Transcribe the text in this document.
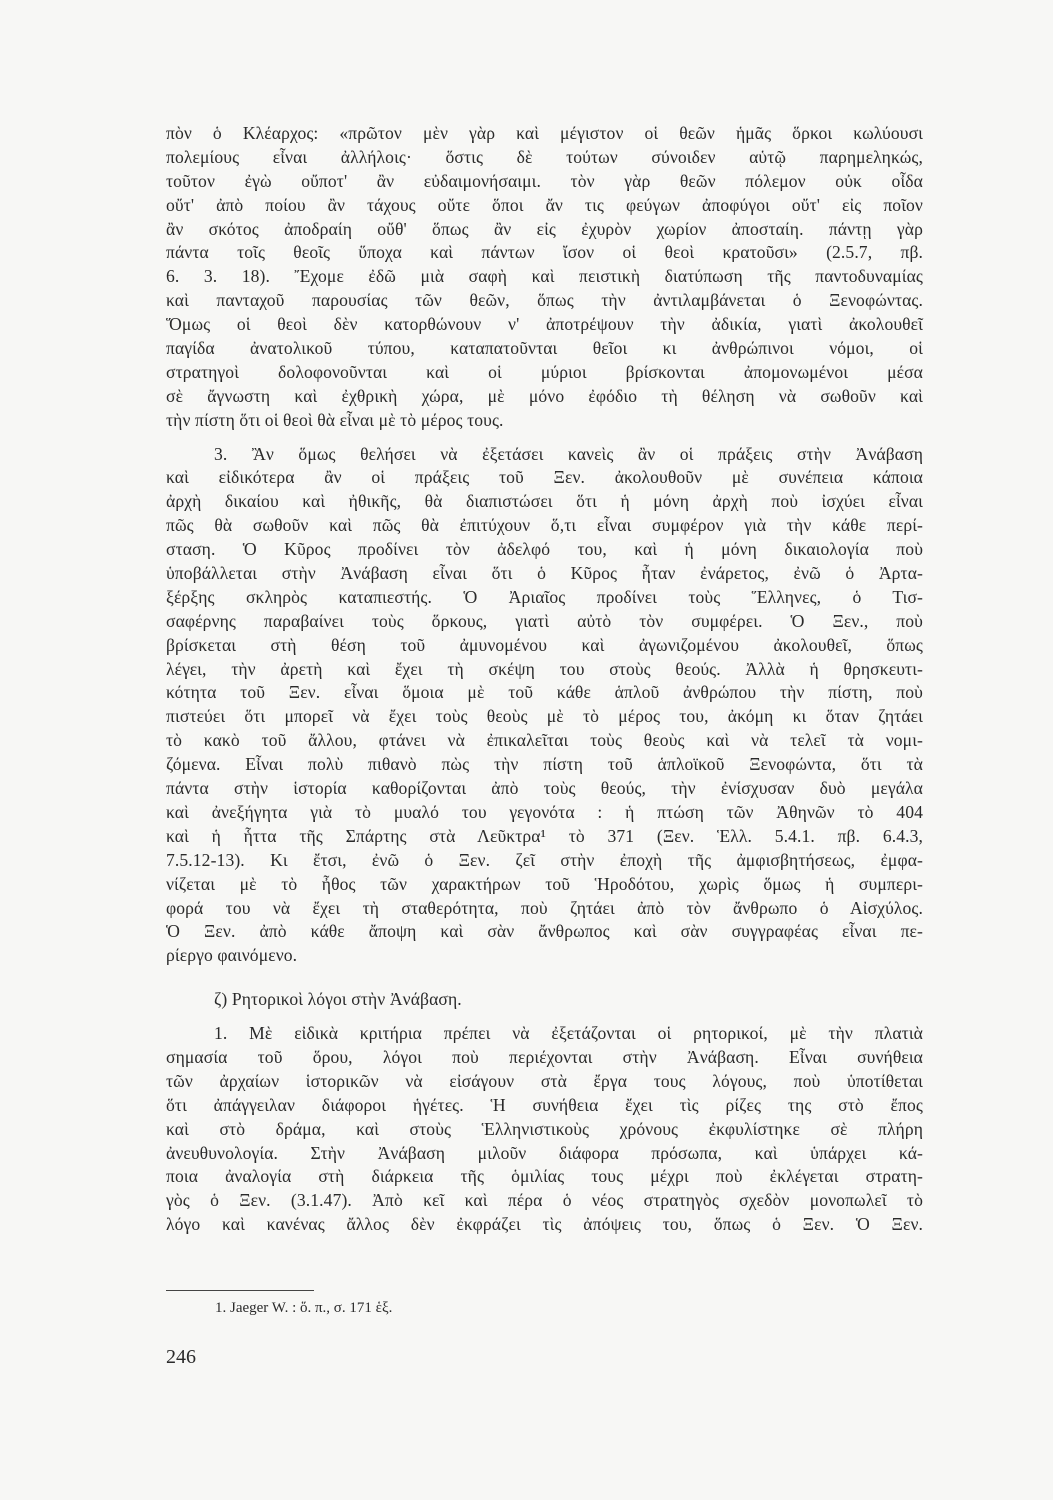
πὸν ὁ Κλέαρχος: «πρῶτον μὲν γὰρ καὶ μέγιστον οἱ θεῶν ἡμᾶς ὅρκοι κωλύουσι
πολεμίους εἶναι ἀλλήλοις· ὅστις δὲ τούτων σύνοιδεν αὑτῷ παρημεληκώς,
τοῦτον ἐγὼ οὔποτ' ἂν εὐδαιμονήσαιμι. τὸν γὰρ θεῶν πόλεμον οὐκ οἶδα
οὔτ' ἀπὸ ποίου ἂν τάχους οὔτε ὅποι ἄν τις φεύγων ἀποφύγοι οὔτ' εἰς ποῖον
ἂν σκότος ἀποδραίη οὔθ' ὅπως ἂν εἰς ἐχυρὸν χωρίον ἀποσταίη. πάντῃ γὰρ
πάντα τοῖς θεοῖς ὕποχα καὶ πάντων ἴσον οἱ θεοὶ κρατοῦσι» (2.5.7, πβ.
6. 3. 18). Ἔχομε ἐδῶ μιὰ σαφὴ καὶ πειστικὴ διατύπωση τῆς παντοδυναμίας
καὶ πανταχοῦ παρουσίας τῶν θεῶν, ὅπως τὴν ἀντιλαμβάνεται ὁ Ξενοφώντας.
Ὅμως οἱ θεοὶ δὲν κατορθώνουν ν' ἀποτρέψουν τὴν ἀδικία, γιατὶ ἀκολουθεῖ
παγίδα ἀνατολικοῦ τύπου, καταπατοῦνται θεῖοι κι ἀνθρώπινοι νόμοι, οἱ
στρατηγοὶ δολοφονοῦνται καὶ οἱ μύριοι βρίσκονται ἀπομονωμένοι μέσα
σὲ ἄγνωστη καὶ ἐχθρικὴ χώρα, μὲ μόνο ἐφόδιο τὴ θέληση νὰ σωθοῦν καὶ
τὴν πίστη ὅτι οἱ θεοὶ θὰ εἶναι μὲ τὸ μέρος τους.
3. Ἂν ὅμως θελήσει νὰ ἐξετάσει κανεὶς ἂν οἱ πράξεις στὴν Ἀνάβαση
καὶ εἰδικότερα ἂν οἱ πράξεις τοῦ Ξεν. ἀκολουθοῦν μὲ συνέπεια κάποια
ἀρχὴ δικαίου καὶ ἠθικῆς, θὰ διαπιστώσει ὅτι ἡ μόνη ἀρχὴ ποὺ ἰσχύει εἶναι
πῶς θὰ σωθοῦν καὶ πῶς θὰ ἐπιτύχουν ὅ,τι εἶναι συμφέρον γιὰ τὴν κάθε περί-
σταση. Ὁ Κῦρος προδίνει τὸν ἀδελφό του, καὶ ἡ μόνη δικαιολογία ποὺ
ὑποβάλλεται στὴν Ἀνάβαση εἶναι ὅτι ὁ Κῦρος ἦταν ἐνάρετος, ἐνῶ ὁ Ἀρτα-
ξέρξης σκληρὸς καταπιεστής. Ὁ Ἀριαῖος προδίνει τοὺς Ἕλληνες, ὁ Τισ-
σαφέρνης παραβαίνει τοὺς ὅρκους, γιατὶ αὐτὸ τὸν συμφέρει. Ὁ Ξεν., ποὺ
βρίσκεται στὴ θέση τοῦ ἀμυνομένου καὶ ἀγωνιζομένου ἀκολουθεῖ, ὅπως
λέγει, τὴν ἀρετὴ καὶ ἔχει τὴ σκέψη του στοὺς θεούς. Ἀλλὰ ἡ θρησκευτι-
κότητα τοῦ Ξεν. εἶναι ὅμοια μὲ τοῦ κάθε ἁπλοῦ ἀνθρώπου τὴν πίστη, ποὺ
πιστεύει ὅτι μπορεῖ νὰ ἔχει τοὺς θεοὺς μὲ τὸ μέρος του, ἀκόμη κι ὅταν ζητάει
τὸ κακὸ τοῦ ἄλλου, φτάνει νὰ ἐπικαλεῖται τοὺς θεοὺς καὶ νὰ τελεῖ τὰ νομι-
ζόμενα. Εἶναι πολὺ πιθανὸ πὼς τὴν πίστη τοῦ ἁπλοϊκοῦ Ξενοφώντα, ὅτι τὰ
πάντα στὴν ἱστορία καθορίζονται ἀπὸ τοὺς θεούς, τὴν ἐνίσχυσαν δυὸ μεγάλα
καὶ ἀνεξήγητα γιὰ τὸ μυαλό του γεγονότα : ἡ πτώση τῶν Ἀθηνῶν τὸ 404
καὶ ἡ ἧττα τῆς Σπάρτης στὰ Λεῦκτρα¹ τὸ 371 (Ξεν. Ἑλλ. 5.4.1. πβ. 6.4.3,
7.5.12-13). Κι ἔτσι, ἐνῶ ὁ Ξεν. ζεῖ στὴν ἐποχὴ τῆς ἀμφισβητήσεως, ἐμφα-
νίζεται μὲ τὸ ἦθος τῶν χαρακτήρων τοῦ Ἡροδότου, χωρὶς ὅμως ἡ συμπερι-
φορά του νὰ ἔχει τὴ σταθερότητα, ποὺ ζητάει ἀπὸ τὸν ἄνθρωπο ὁ Αἰσχύλος.
Ὁ Ξεν. ἀπὸ κάθε ἄποψη καὶ σὰν ἄνθρωπος καὶ σὰν συγγραφέας εἶναι πε-
ρίεργο φαινόμενο.
ζ) Ρητορικοὶ λόγοι στὴν Ἀνάβαση.
1. Μὲ εἰδικὰ κριτήρια πρέπει νὰ ἐξετάζονται οἱ ρητορικοί, μὲ τὴν πλατιὰ
σημασία τοῦ ὅρου, λόγοι ποὺ περιέχονται στὴν Ἀνάβαση. Εἶναι συνήθεια
τῶν ἀρχαίων ἱστορικῶν νὰ εἰσάγουν στὰ ἔργα τους λόγους, ποὺ ὑποτίθεται
ὅτι ἀπάγγειλαν διάφοροι ἡγέτες. Ἡ συνήθεια ἔχει τὶς ρίζες της στὸ ἔπος
καὶ στὸ δράμα, καὶ στοὺς Ἑλληνιστικοὺς χρόνους ἐκφυλίστηκε σὲ πλήρη
ἀνευθυνολογία. Στὴν Ἀνάβαση μιλοῦν διάφορα πρόσωπα, καὶ ὑπάρχει κά-
ποια ἀναλογία στὴ διάρκεια τῆς ὁμιλίας τους μέχρι ποὺ ἐκλέγεται στρατη-
γὸς ὁ Ξεν. (3.1.47). Ἀπὸ κεῖ καὶ πέρα ὁ νέος στρατηγὸς σχεδὸν μονοπωλεῖ τὸ
λόγο καὶ κανένας ἄλλος δὲν ἐκφράζει τὶς ἀπόψεις του, ὅπως ὁ Ξεν. Ὁ Ξεν.
1. Jaeger W. : ὅ. π., σ. 171 ἑξ.
246
